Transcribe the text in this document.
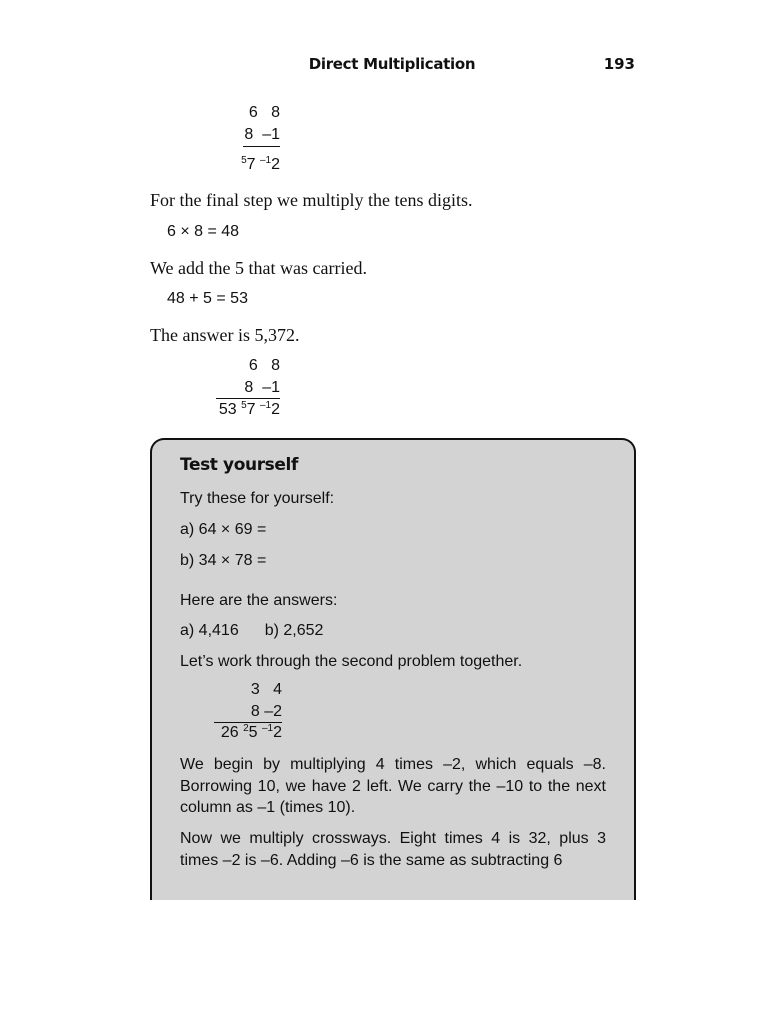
Direct Multiplication	193
6   8
8  –1
$^5$7 $^{-1}$2
For the final step we multiply the tens digits.
6 × 8 = 48
We add the 5 that was carried.
48 + 5 = 53
The answer is 5,372.
6   8
8  –1
53 $^5$7 $^{-1}$2
Test yourself
Try these for yourself:
a) 64 × 69 =
b) 34 × 78 =
Here are the answers:
a) 4,416 b) 2,652
Let’s work through the second problem together.
3   4
8 –2
26 $^2$5 $^{-1}$2
We begin by multiplying 4 times –2, which equals –8. Borrowing 10, we have 2 left. We carry the –10 to the next column as –1 (times 10).
Now we multiply crossways. Eight times 4 is 32, plus 3 times –2 is –6. Adding –6 is the same as subtracting 6
